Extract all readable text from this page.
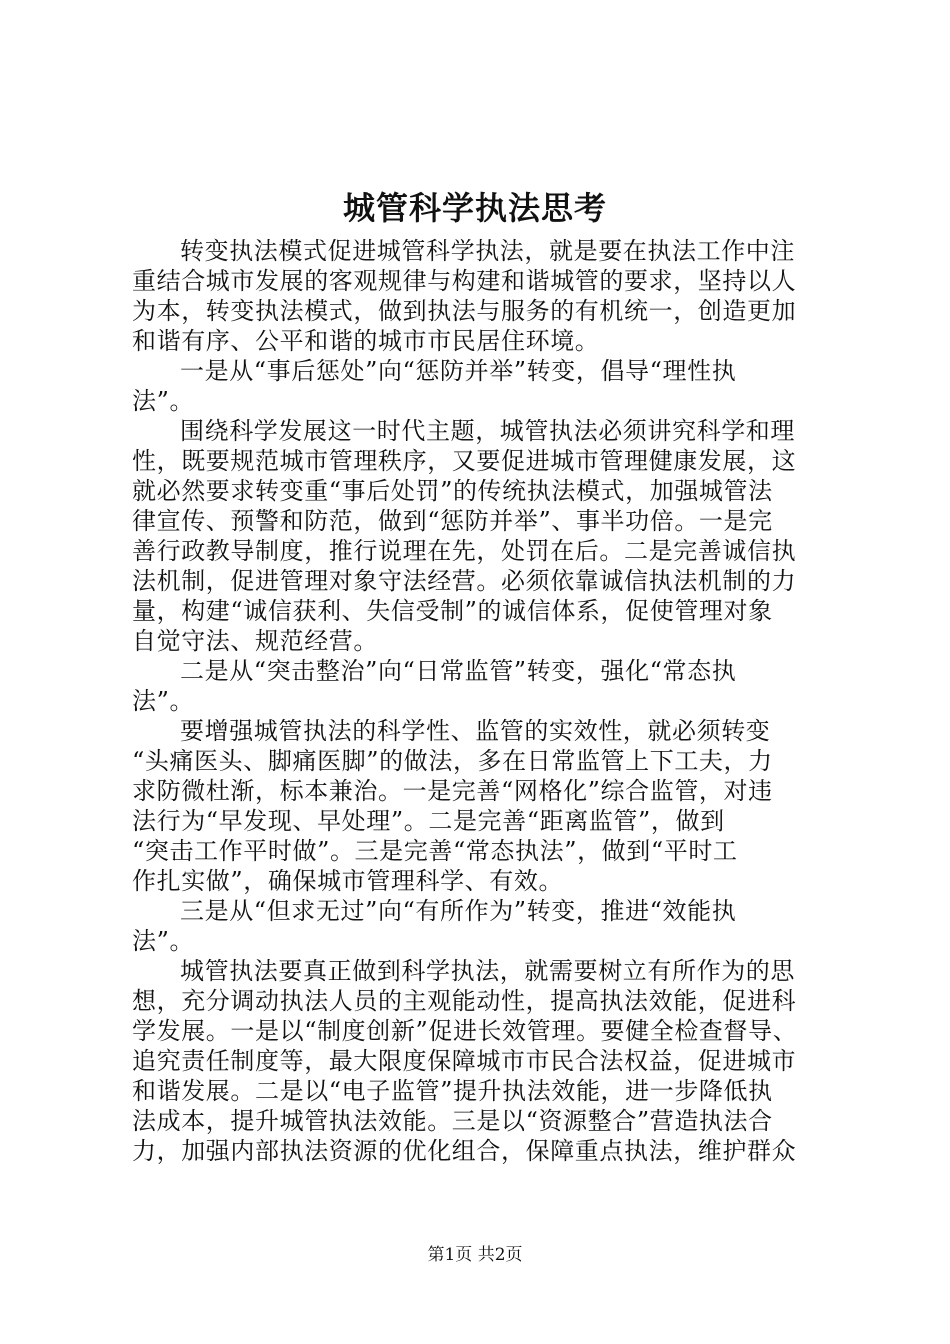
城管科学执法思考
转变执法模式促进城管科学执法，就是要在执法工作中注
重结合城市发展的客观规律与构建和谐城管的要求，坚持以人
为本，转变执法模式，做到执法与服务的有机统一，创造更加
和谐有序、公平和谐的城市市民居住环境。
一是从“事后惩处”向“惩防并举”转变，倡导“理性执
法”。
围绕科学发展这一时代主题，城管执法必须讲究科学和理
性，既要规范城市管理秩序，又要促进城市管理健康发展，这
就必然要求转变重“事后处罚”的传统执法模式，加强城管法
律宣传、预警和防范，做到“惩防并举”、事半功倍。一是完
善行政教导制度，推行说理在先，处罚在后。二是完善诚信执
法机制，促进管理对象守法经营。必须依靠诚信执法机制的力
量，构建“诚信获利、失信受制”的诚信体系，促使管理对象
自觉守法、规范经营。
二是从“突击整治”向“日常监管”转变，强化“常态执
法”。
要增强城管执法的科学性、监管的实效性，就必须转变
“头痛医头、脚痛医脚”的做法，多在日常监管上下工夫，力
求防微杜渐，标本兼治。一是完善“网格化”综合监管，对违
法行为“早发现、早处理”。二是完善“距离监管”，做到
“突击工作平时做”。三是完善“常态执法”，做到“平时工
作扎实做”，确保城市管理科学、有效。
三是从“但求无过”向“有所作为”转变，推进“效能执
法”。
城管执法要真正做到科学执法，就需要树立有所作为的思
想，充分调动执法人员的主观能动性，提高执法效能，促进科
学发展。一是以“制度创新”促进长效管理。要健全检查督导、
追究责任制度等，最大限度保障城市市民合法权益，促进城市
和谐发展。二是以“电子监管”提升执法效能，进一步降低执
法成本，提升城管执法效能。三是以“资源整合”营造执法合
力，加强内部执法资源的优化组合，保障重点执法，维护群众
第1页 共2页
